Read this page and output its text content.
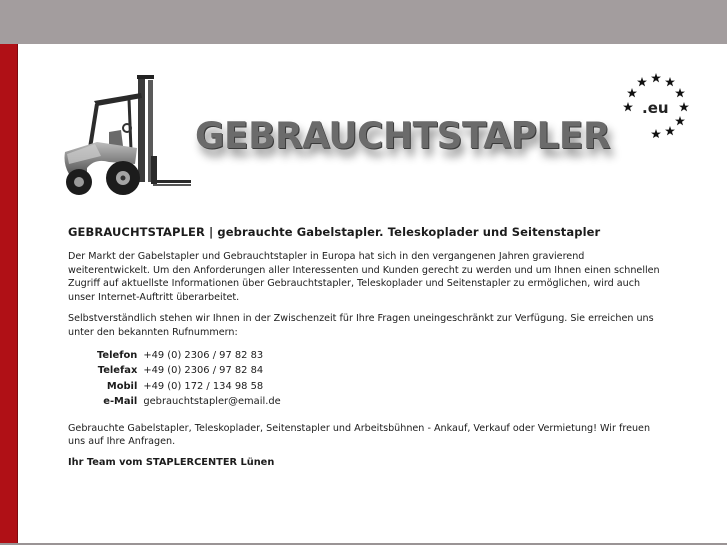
GEBRAUCHTSTAPLER
.eu
GEBRAUCHTSTAPLER | gebrauchte Gabelstapler. Teleskoplader und Seitenstapler

Der Markt der Gabelstapler und Gebrauchtstapler in Europa hat sich in den vergangenen Jahren gravierend weiterentwickelt. Um den Anforderungen aller Interessenten und Kunden gerecht zu werden und um Ihnen einen schnellen Zugriff auf aktuellste Informationen über Gebrauchtstapler, Teleskoplader und Seitenstapler zu ermöglichen, wird auch unser Internet-Auftritt überarbeitet.

Selbstverständlich stehen wir Ihnen in der Zwischenzeit für Ihre Fragen uneingeschränkt zur Verfügung. Sie erreichen uns unter den bekannten Rufnummern:

Telefon	+49 (0) 2306 / 97 82 83
Telefax	+49 (0) 2306 / 97 82 84
Mobil	+49 (0) 172 / 134 98 58
e-Mail	gebrauchtstapler@email.de

Gebrauchte Gabelstapler, Teleskoplader, Seitenstapler und Arbeitsbühnen - Ankauf, Verkauf oder Vermietung! Wir freuen uns auf Ihre Anfragen.

Ihr Team vom STAPLERCENTER Lünen
